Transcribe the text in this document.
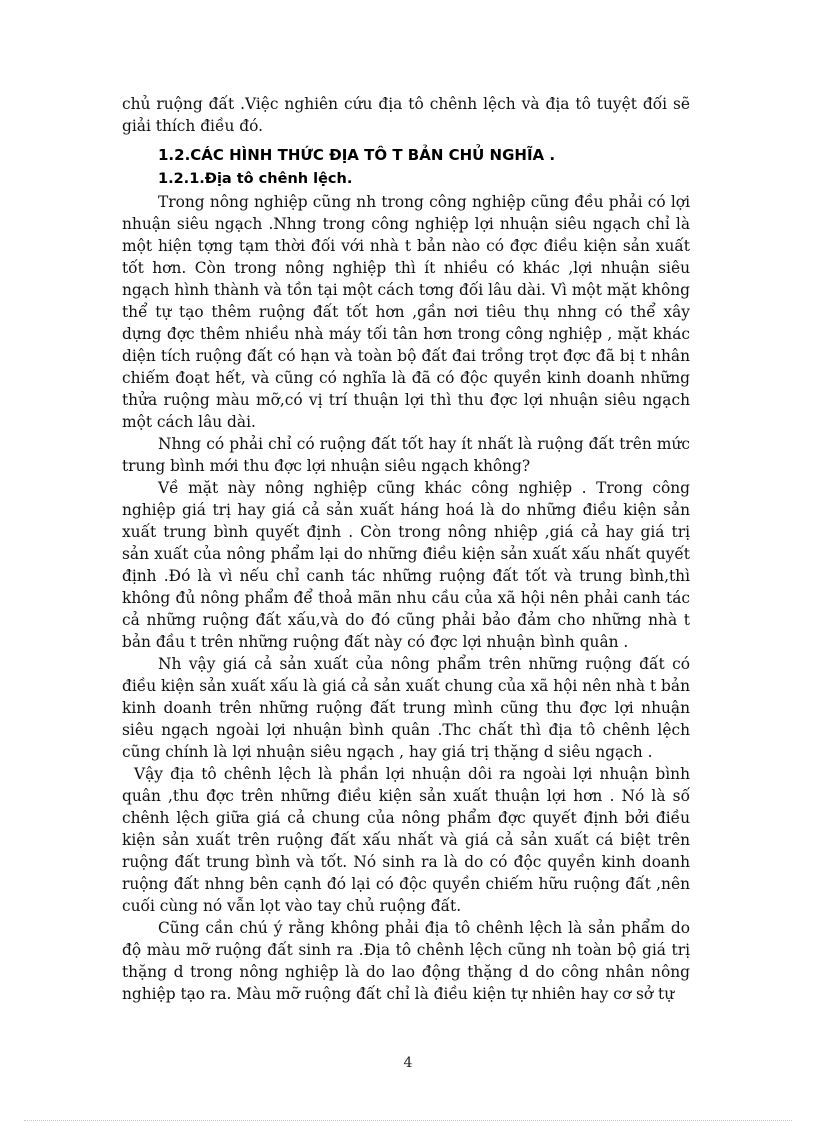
chủ ruộng đất .Việc nghiên cứu địa tô chênh lệch và địa tô tuyệt đối sẽ giải thích điều đó.

1.2.CÁC HÌNH THỨC ĐỊA TÔ T BẢN CHỦ NGHĨA .
1.2.1.Địa tô chênh lệch.

Trong nông nghiệp cũng nh trong công nghiệp cũng đều phải có lợi nhuận siêu ngạch .Nhng trong công nghiệp lợi nhuận siêu ngạch chỉ là một hiện tợng tạm thời đối với nhà t bản nào có đợc điều kiện sản xuất tốt hơn. Còn trong nông nghiệp thì ít nhiều có khác ,lợi nhuận siêu ngạch hình thành và tồn tại một cách tơng đối lâu dài. Vì một mặt không thể tự tạo thêm ruộng đất tốt hơn ,gần nơi tiêu thụ nhng có thể xây dựng đợc thêm nhiều nhà máy tối tân hơn trong công nghiệp , mặt khác diện tích ruộng đất có hạn và toàn bộ đất đai trồng trọt đợc đã bị t nhân chiếm đoạt hết, và cũng có nghĩa là đã có độc quyền kinh doanh những thửa ruộng màu mỡ,có vị trí thuận lợi thì thu đợc lợi nhuận siêu ngạch một cách lâu dài.

Nhng có phải chỉ có ruộng đất tốt hay ít nhất là ruộng đất trên mức trung bình mới thu đợc lợi nhuận siêu ngạch không?

Về mặt này nông nghiệp cũng khác công nghiệp . Trong công nghiệp giá trị hay giá cả sản xuất háng hoá là do những điều kiện sản xuất trung bình quyết định . Còn trong nông nhiệp ,giá cả hay giá trị sản xuất của nông phẩm lại do những điều kiện sản xuất xấu nhất quyết định .Đó là vì nếu chỉ canh tác những ruộng đất tốt và trung bình,thì không đủ nông phẩm để thoả mãn nhu cầu của xã hội nên phải canh tác cả những ruộng đất xấu,và do đó cũng phải bảo đảm cho những nhà t bản đầu t trên những ruộng đất này có đợc lợi nhuận bình quân .

Nh vậy giá cả sản xuất của nông phẩm trên những ruộng đất có điều kiện sản xuất xấu là giá cả sản xuất chung của xã hội nên nhà t bản kinh doanh trên những ruộng đất trung mình cũng thu đợc lợi nhuận siêu ngạch ngoài lợi nhuận bình quân .Thc chất thì địa tô chênh lệch cũng chính là lợi nhuận siêu ngạch , hay giá trị thặng d siêu ngạch .

Vậy địa tô chênh lệch là phần lợi nhuận dôi ra ngoài lợi nhuận bình quân ,thu đợc trên những điều kiện sản xuất thuận lợi hơn . Nó là số chênh lệch giữa giá cả chung của nông phẩm đợc quyết định bởi điều kiện sản xuất trên ruộng đất xấu nhất và giá cả sản xuất cá biệt trên ruộng đất trung bình và tốt. Nó sinh ra là do có độc quyền kinh doanh ruộng đất nhng bên cạnh đó lại có độc quyền chiếm hữu ruộng đất ,nên cuối cùng nó vẫn lọt vào tay chủ ruộng đất.

Cũng cần chú ý rằng không phải địa tô chênh lệch là sản phẩm do độ màu mỡ ruộng đất sinh ra .Địa tô chênh lệch cũng nh toàn bộ giá trị thặng d trong nông nghiệp là do lao động thặng d do công nhân nông nghiệp tạo ra. Màu mỡ ruộng đất chỉ là điều kiện tự nhiên hay cơ sở tự

4
